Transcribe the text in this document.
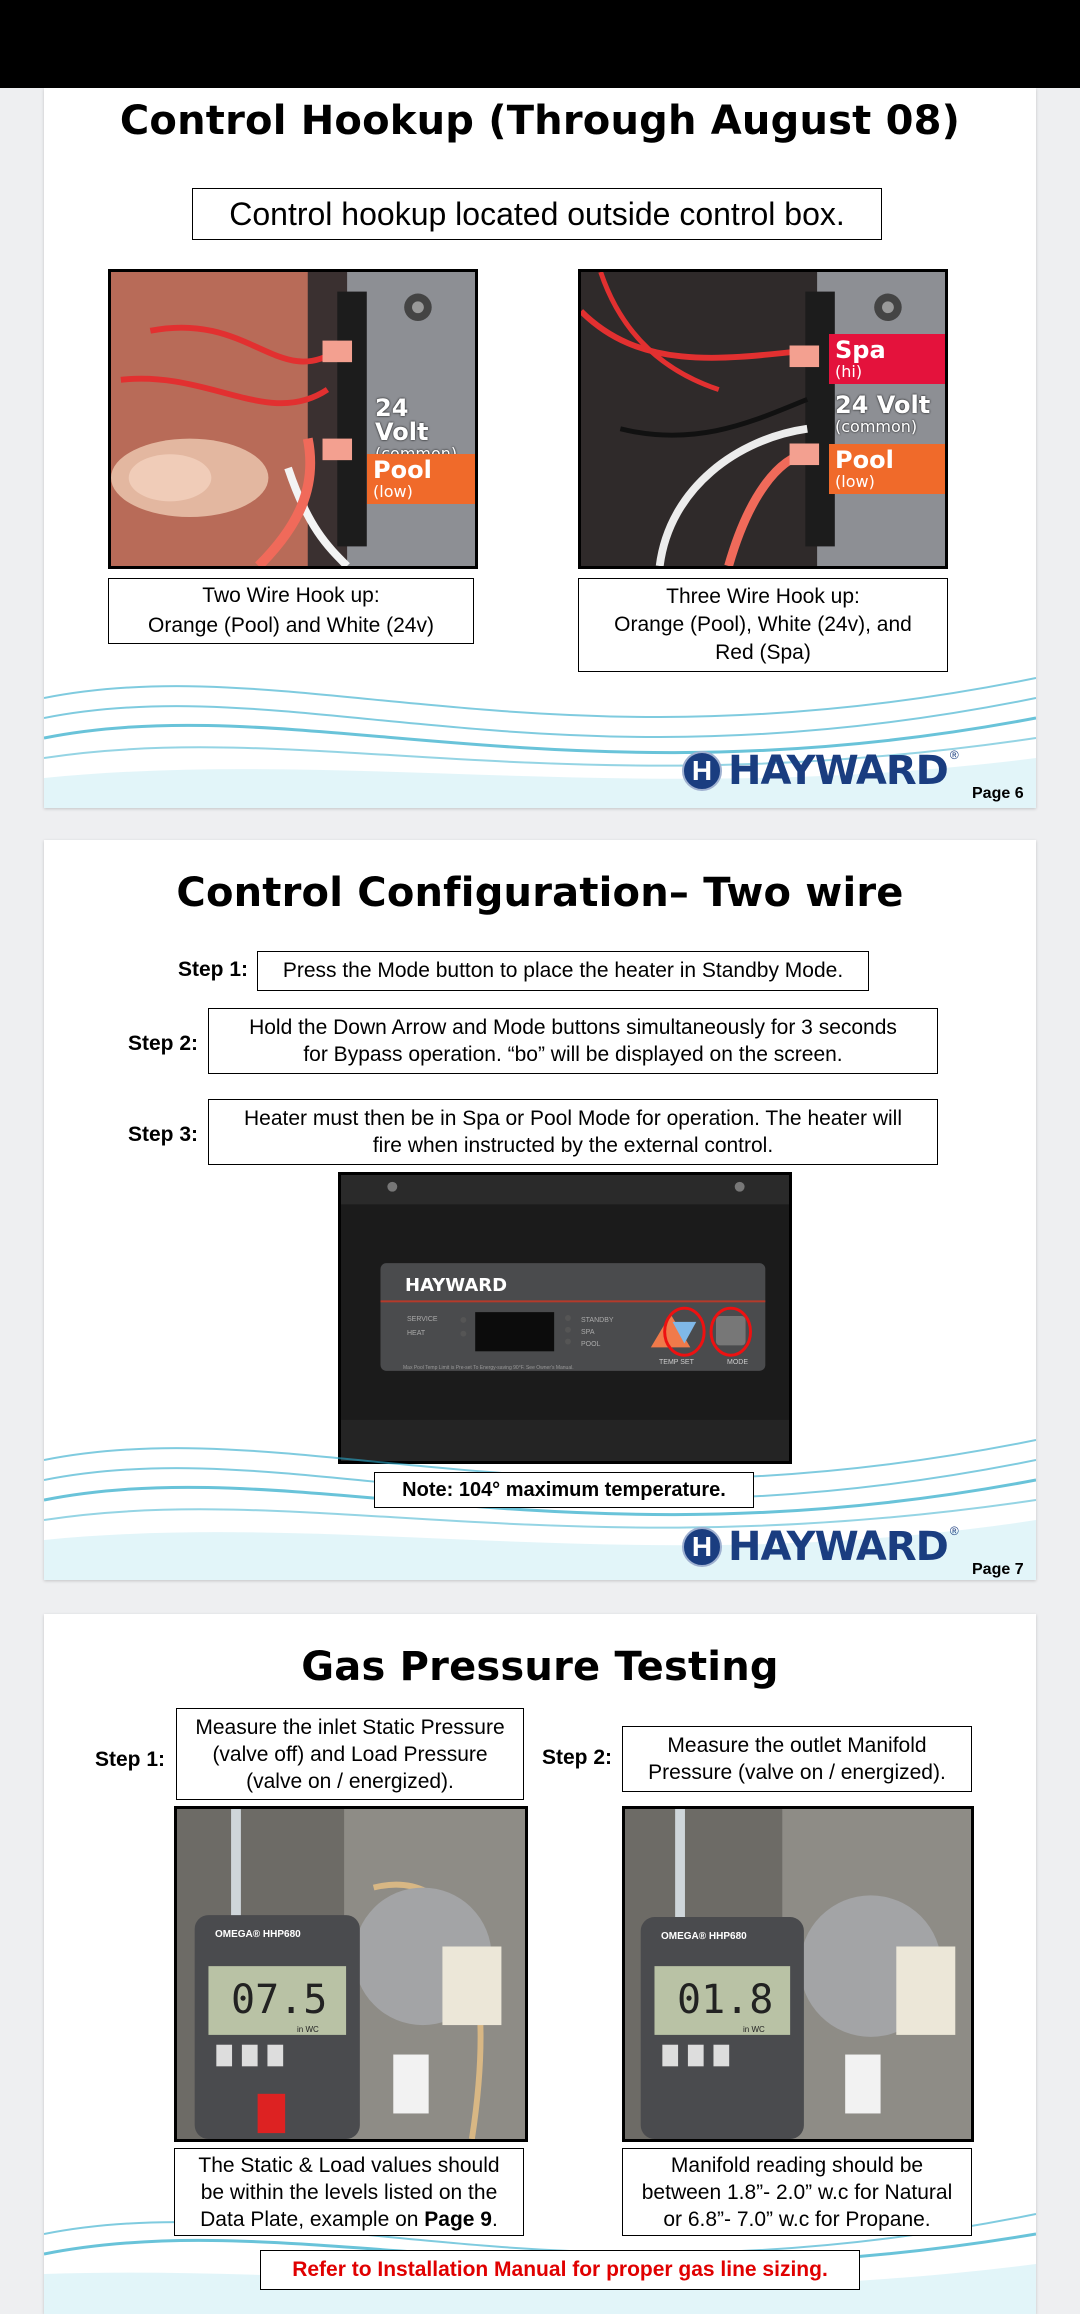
Control Hookup (Through August 08)
Control hookup located outside control box.
24 Volt
Pool
(low)
Spa
(hi)
24 Volt
(common)
Pool
(low)
Two Wire Hook up:
Orange (Pool) and White (24v)
Three Wire Hook up:
Orange (Pool), White (24v), and
Red (Spa)
H HAYWARD ®
Page 6
Control Configuration– Two wire
Step 1:	Press the Mode button to place the heater in Standby Mode.
Step 2:
Hold the Down Arrow and Mode buttons simultaneously for 3 seconds
for Bypass operation. “bo” will be displayed on the screen.
Step 3:
Heater must then be in Spa or Pool Mode for operation. The heater will
fire when instructed by the external control.
HAYWARD
SERVICE
HEAT
STANDBY
SPA
POOL
TEMP SET	MODE
Max Pool Temp Limit is Pre-set To Energy-saving 90°F. See Owner's Manual.
Note: 104° maximum temperature.
H HAYWARD ®
Page 7
Gas Pressure Testing
Step 1:
Measure the inlet Static Pressure
(valve off) and Load Pressure
(valve on / energized).
Step 2:
Measure the outlet Manifold
Pressure (valve on / energized).
OMEGA® HHP680
07.5
in WC
OMEGA® HHP680
01.8
in WC
The Static & Load values should
be within the levels listed on the
Data Plate, example on Page 9.
Manifold reading should be
between 1.8”- 2.0” w.c for Natural
or 6.8”- 7.0” w.c for Propane.
Refer to Installation Manual for proper gas line sizing.
